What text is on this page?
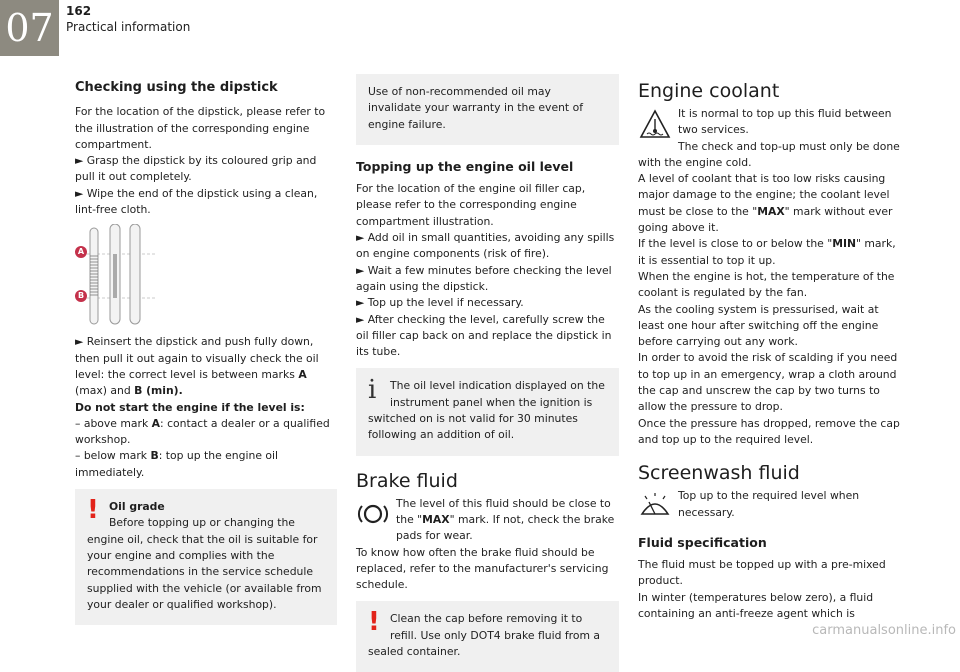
07	162
Practical information

Checking using the dipstick

For the location of the dipstick, please refer to the illustration of the corresponding engine compartment.

► Grasp the dipstick by its coloured grip and pull it out completely.

► Wipe the end of the dipstick using a clean, lint-free cloth.

A
B

► Reinsert the dipstick and push fully down, then pull it out again to visually check the oil level: the correct level is between marks A (max) and B (min).

Do not start the engine if the level is:

– above mark A: contact a dealer or a qualified workshop.

– below mark B: top up the engine oil immediately.

! Oil grade

Before topping up or changing the engine oil, check that the oil is suitable for your engine and complies with the recommendations in the service schedule supplied with the vehicle (or available from your dealer or qualified workshop).

Use of non-recommended oil may invalidate your warranty in the event of engine failure.

Topping up the engine oil level

For the location of the engine oil filler cap, please refer to the corresponding engine compartment illustration.

► Add oil in small quantities, avoiding any spills on engine components (risk of fire).

► Wait a few minutes before checking the level again using the dipstick.

► Top up the level if necessary.

► After checking the level, carefully screw the oil filler cap back on and replace the dipstick in its tube.

i	The oil level indication displayed on the instrument panel when the ignition is switched on is not valid for 30 minutes following an addition of oil.

Brake fluid

The level of this fluid should be close to the "MAX" mark. If not, check the brake pads for wear.

To know how often the brake fluid should be replaced, refer to the manufacturer's servicing schedule.

! Clean the cap before removing it to refill. Use only DOT4 brake fluid from a sealed container.

Engine coolant

It is normal to top up this fluid between two services.

The check and top-up must only be done with the engine cold.

A level of coolant that is too low risks causing major damage to the engine; the coolant level must be close to the "MAX" mark without ever going above it.

If the level is close to or below the "MIN" mark, it is essential to top it up.

When the engine is hot, the temperature of the coolant is regulated by the fan.

As the cooling system is pressurised, wait at least one hour after switching off the engine before carrying out any work.

In order to avoid the risk of scalding if you need to top up in an emergency, wrap a cloth around the cap and unscrew the cap by two turns to allow the pressure to drop.

Once the pressure has dropped, remove the cap and top up to the required level.

Screenwash fluid

Top up to the required level when necessary.

Fluid specification

The fluid must be topped up with a pre-mixed product.

In winter (temperatures below zero), a fluid containing an anti-freeze agent which is

carmanualsonline.info
